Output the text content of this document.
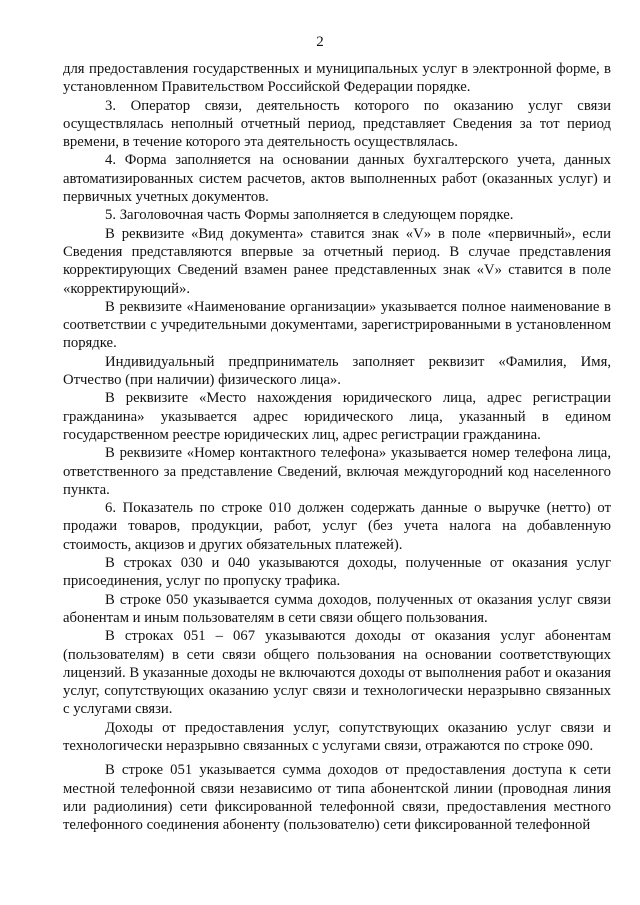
2

для предоставления государственных и муниципальных услуг в электронной форме, в установленном Правительством Российской Федерации порядке.

3. Оператор связи, деятельность которого по оказанию услуг связи осуществлялась неполный отчетный период, представляет Сведения за тот период времени, в течение которого эта деятельность осуществлялась.

4. Форма заполняется на основании данных бухгалтерского учета, данных автоматизированных систем расчетов, актов выполненных работ (оказанных услуг) и первичных учетных документов.

5. Заголовочная часть Формы заполняется в следующем порядке.

В реквизите «Вид документа» ставится знак «V» в поле «первичный», если Сведения представляются впервые за отчетный период. В случае представления корректирующих Сведений взамен ранее представленных знак «V» ставится в поле «корректирующий».

В реквизите «Наименование организации» указывается полное наименование в соответствии с учредительными документами, зарегистрированными в установленном порядке.

Индивидуальный предприниматель заполняет реквизит «Фамилия, Имя, Отчество (при наличии) физического лица».

В реквизите «Место нахождения юридического лица, адрес регистрации гражданина» указывается адрес юридического лица, указанный в едином государственном реестре юридических лиц, адрес регистрации гражданина.

В реквизите «Номер контактного телефона» указывается номер телефона лица, ответственного за представление Сведений, включая междугородний код населенного пункта.

6. Показатель по строке 010 должен содержать данные о выручке (нетто) от продажи товаров, продукции, работ, услуг (без учета налога на добавленную стоимость, акцизов и других обязательных платежей).

В строках 030 и 040 указываются доходы, полученные от оказания услуг присоединения, услуг по пропуску трафика.

В строке 050 указывается сумма доходов, полученных от оказания услуг связи абонентам и иным пользователям в сети связи общего пользования.

В строках 051 – 067 указываются доходы от оказания услуг абонентам (пользователям) в сети связи общего пользования на основании соответствующих лицензий. В указанные доходы не включаются доходы от выполнения работ и оказания услуг, сопутствующих оказанию услуг связи и технологически неразрывно связанных с услугами связи.

Доходы от предоставления услуг, сопутствующих оказанию услуг связи и технологически неразрывно связанных с услугами связи, отражаются по строке 090.

В строке 051 указывается сумма доходов от предоставления доступа к сети местной телефонной связи независимо от типа абонентской линии (проводная линия или радиолиния) сети фиксированной телефонной связи, предоставления местного телефонного соединения абоненту (пользователю) сети фиксированной телефонной
